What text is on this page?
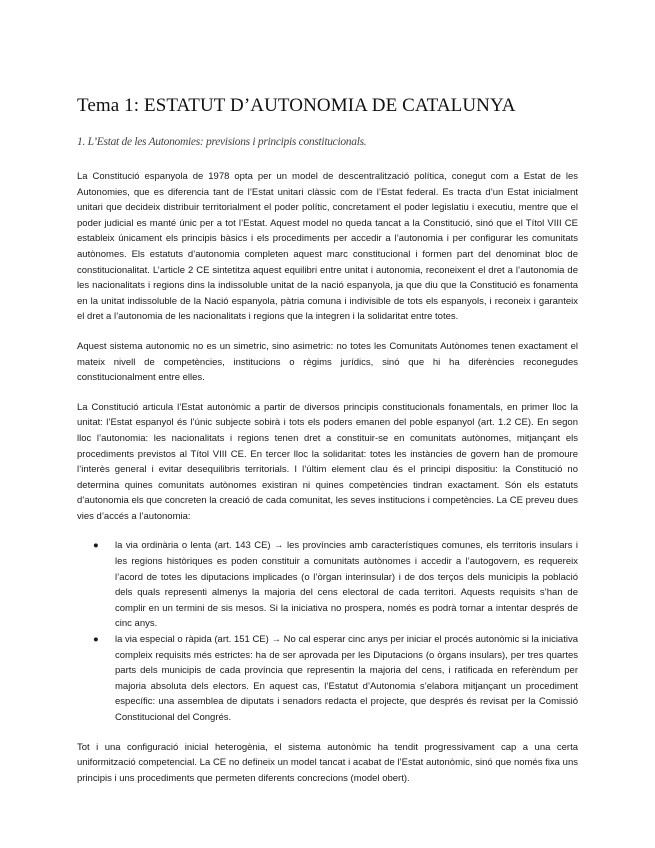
Tema 1: ESTATUT D’AUTONOMIA DE CATALUNYA
1. L’Estat de les Autonomies: previsions i principis constitucionals.

La Constitució espanyola de 1978 opta per un model de descentralització política, conegut com a Estat de les Autonomies, que es diferencia tant de l’Estat unitari clàssic com de l’Estat federal. Es tracta d’un Estat inicialment unitari que decideix distribuir territorialment el poder polític, concretament el poder legislatiu i executiu, mentre que el poder judicial es manté únic per a tot l’Estat. Aquest model no queda tancat a la Constitució, sinó que el Títol VIII CE estableix únicament els principis bàsics i els procediments per accedir a l’autonomia i per configurar les comunitats autònomes. Els estatuts d’autonomia completen aquest marc constitucional i formen part del denominat bloc de constitucionalitat. L’article 2 CE sintetitza aquest equilibri entre unitat i autonomia, reconeixent el dret a l’autonomia de les nacionalitats i regions dins la indissoluble unitat de la nació espanyola, ja que diu que la Constitució es fonamenta en la unitat indissoluble de la Nació espanyola, pàtria comuna i indivisible de tots els espanyols, i reconeix i garanteix el dret a l’autonomia de les nacionalitats i regions que la integren i la solidaritat entre totes.

Aquest sistema autonomic no es un simetric, sino asimetric: no totes les Comunitats Autònomes tenen exactament el mateix nivell de competències, institucions o règims jurídics, sinó que hi ha diferències reconegudes constitucionalment entre elles.

La Constitució articula l’Estat autonòmic a partir de diversos principis constitucionals fonamentals, en primer lloc la unitat: l’Estat espanyol és l’únic subjecte sobirà i tots els poders emanen del poble espanyol (art. 1.2 CE). En segon lloc l’autonomia: les nacionalitats i regions tenen dret a constituir-se en comunitats autònomes, mitjançant els procediments previstos al Títol VIII CE. En tercer lloc la solidaritat: totes les instàncies de govern han de promoure l’interès general i evitar desequilibris territorials. I l’últim element clau és el principi dispositiu: la Constitució no determina quines comunitats autònomes existiran ni quines competències tindran exactament. Són els estatuts d’autonomia els que concreten la creació de cada comunitat, les seves institucions i competències. La CE preveu dues vies d’accés a l’autonomia:

● la via ordinària o lenta (art. 143 CE) → les províncies amb característiques comunes, els territoris insulars i les regions històriques es poden constituir a comunitats autònomes i accedir a l’autogovern, es requereix l’acord de totes les diputacions implicades (o l’òrgan interinsular) i de dos terços dels municipis la població dels quals representi almenys la majoria del cens electoral de cada territori. Aquests requisits s’han de complir en un termini de sis mesos. Si la iniciativa no prospera, només es podrà tornar a intentar després de cinc anys.
● la via especial o ràpida (art. 151 CE) → No cal esperar cinc anys per iniciar el procés autonòmic si la iniciativa compleix requisits més estrictes: ha de ser aprovada per les Diputacions (o òrgans insulars), per tres quartes parts dels municipis de cada província que representin la majoria del cens, i ratificada en referèndum per majoria absoluta dels electors. En aquest cas, l’Estatut d’Autonomia s’elabora mitjançant un procediment específic: una assemblea de diputats i senadors redacta el projecte, que després és revisat per la Comissió Constitucional del Congrés.

Tot i una configuració inicial heterogènia, el sistema autonòmic ha tendit progressivament cap a una certa uniformització competencial. La CE no defineix un model tancat i acabat de l’Estat autonòmic, sinó que només fixa uns principis i uns procediments que permeten diferents concrecions (model obert).
